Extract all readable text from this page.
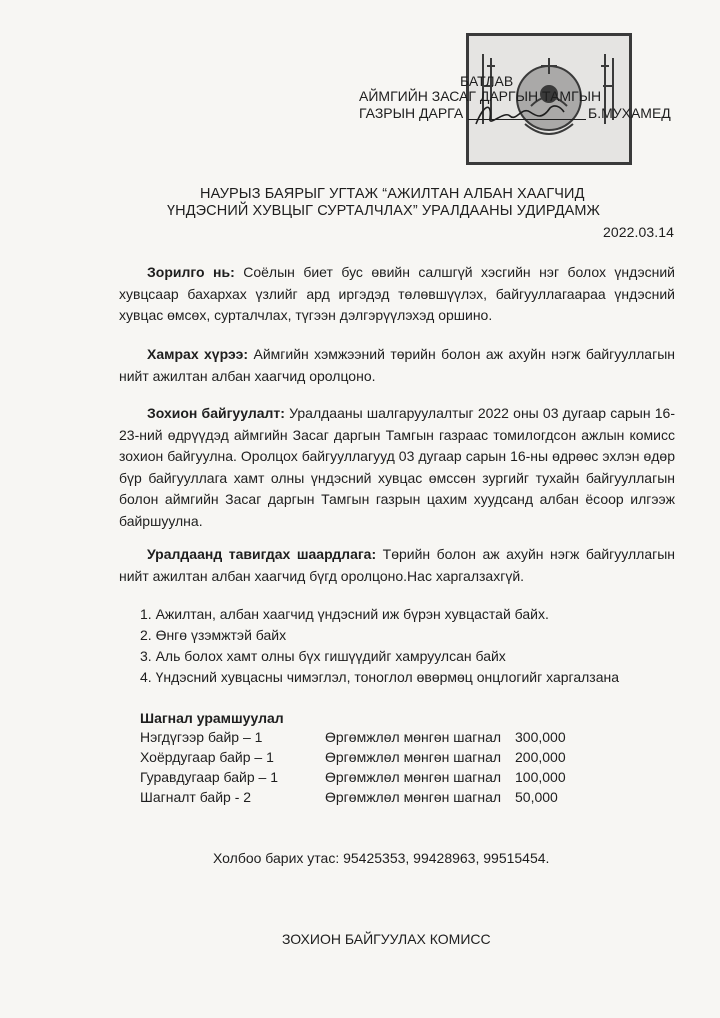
БАТЛАВ
АЙМГИЙН ЗАСАГ ДАРГЫН ТАМГЫН
ГАЗРЫН ДАРГА	Б.МУХАМЕД
НАУРЫЗ БАЯРЫГ УГТАЖ “АЖИЛТАН АЛБАН ХААГЧИД
ҮНДЭСНИЙ ХУВЦЫГ СУРТАЛЧЛАХ” УРАЛДААНЫ УДИРДАМЖ
2022.03.14
Зорилго нь: Соёлын биет бус өвийн салшгүй хэсгийн нэг болох үндэсний хувцсаар бахархах үзлийг ард иргэдэд төлөвшүүлэх, байгууллагаараа үндэсний хувцас өмсөх, сурталчлах, түгээн дэлгэрүүлэхэд оршино.
Хамрах хүрээ: Аймгийн хэмжээний төрийн болон аж ахуйн нэгж байгууллагын нийт ажилтан албан хаагчид оролцоно.
Зохион байгуулалт: Уралдааны шалгаруулалтыг 2022 оны 03 дугаар сарын 16-23-ний өдрүүдэд аймгийн Засаг даргын Тамгын газраас томилогдсон ажлын комисс зохион байгуулна. Оролцох байгууллагууд 03 дугаар сарын 16-ны өдрөөс эхлэн өдөр бүр байгууллага хамт олны үндэсний хувцас өмссөн зургийг тухайн байгууллагын болон аймгийн Засаг даргын Тамгын газрын цахим хуудсанд албан ёсоор илгээж байршуулна.
Уралдаанд тавигдах шаардлага: Төрийн болон аж ахуйн нэгж байгууллагын нийт ажилтан албан хаагчид бүгд оролцоно.Нас харгалзахгүй.
1. Ажилтан, албан хаагчид үндэсний иж бүрэн хувцастай байх.
2. Өнгө үзэмжтэй байх
3. Аль болох хамт олны бүх гишүүдийг хамруулсан байх
4. Үндэсний хувцасны чимэглэл, тоноглол өвөрмөц онцлогийг харгалзана
Шагнал урамшуулал
Нэгдүгээр байр – 1	Өргөмжлөл мөнгөн шагнал 300,000
Хоёрдугаар байр – 1	Өргөмжлөл мөнгөн шагнал 200,000
Гуравдугаар байр – 1	Өргөмжлөл мөнгөн шагнал 100,000
Шагналт байр - 2	Өргөмжлөл мөнгөн шагнал 50,000
Холбоо барих утас: 95425353, 99428963, 99515454.
ЗОХИОН БАЙГУУЛАХ КОМИСС
